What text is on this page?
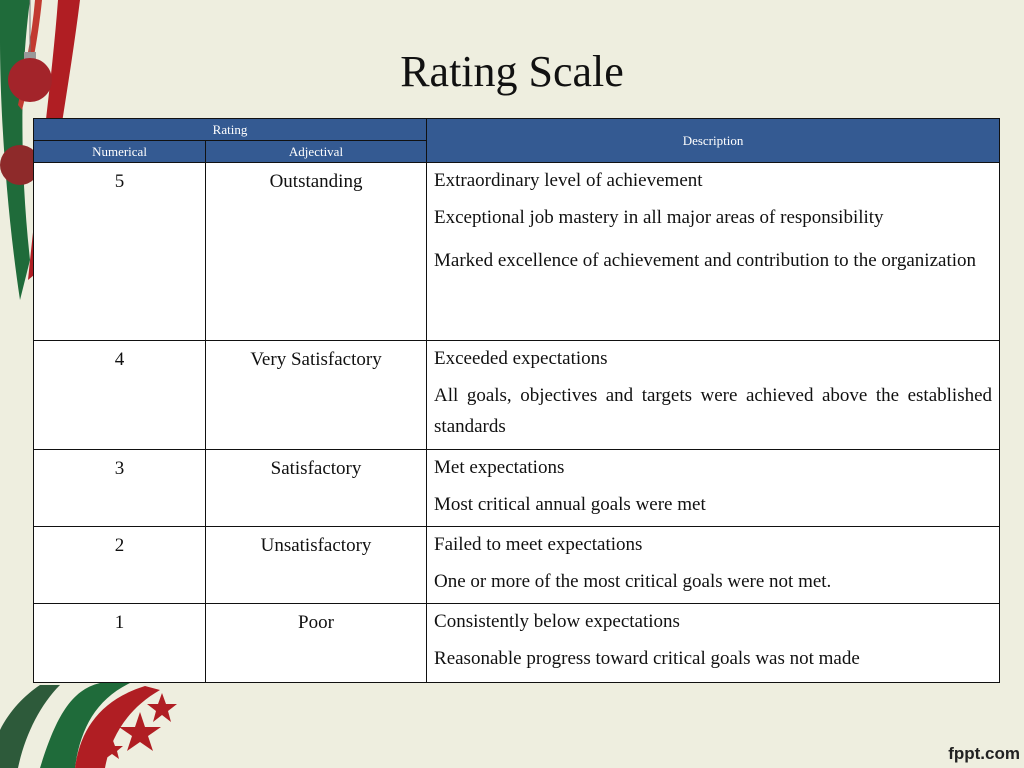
Rating Scale
Rating		Description
Numerical	Adjectival	
5	Outstanding	Extraordinary level of achievement

Exceptional job mastery in all major areas of responsibility

Marked excellence of achievement and contribution to the organization

4	Very Satisfactory	Exceeded expectations

All goals, objectives and targets were achieved above the established standards

3	Satisfactory	Met expectations

Most critical annual goals were met

2	Unsatisfactory	Failed to meet expectations

One or more of the most critical goals were not met.

1	Poor	Consistently below expectations

Reasonable progress toward critical goals was not made

fppt.com
